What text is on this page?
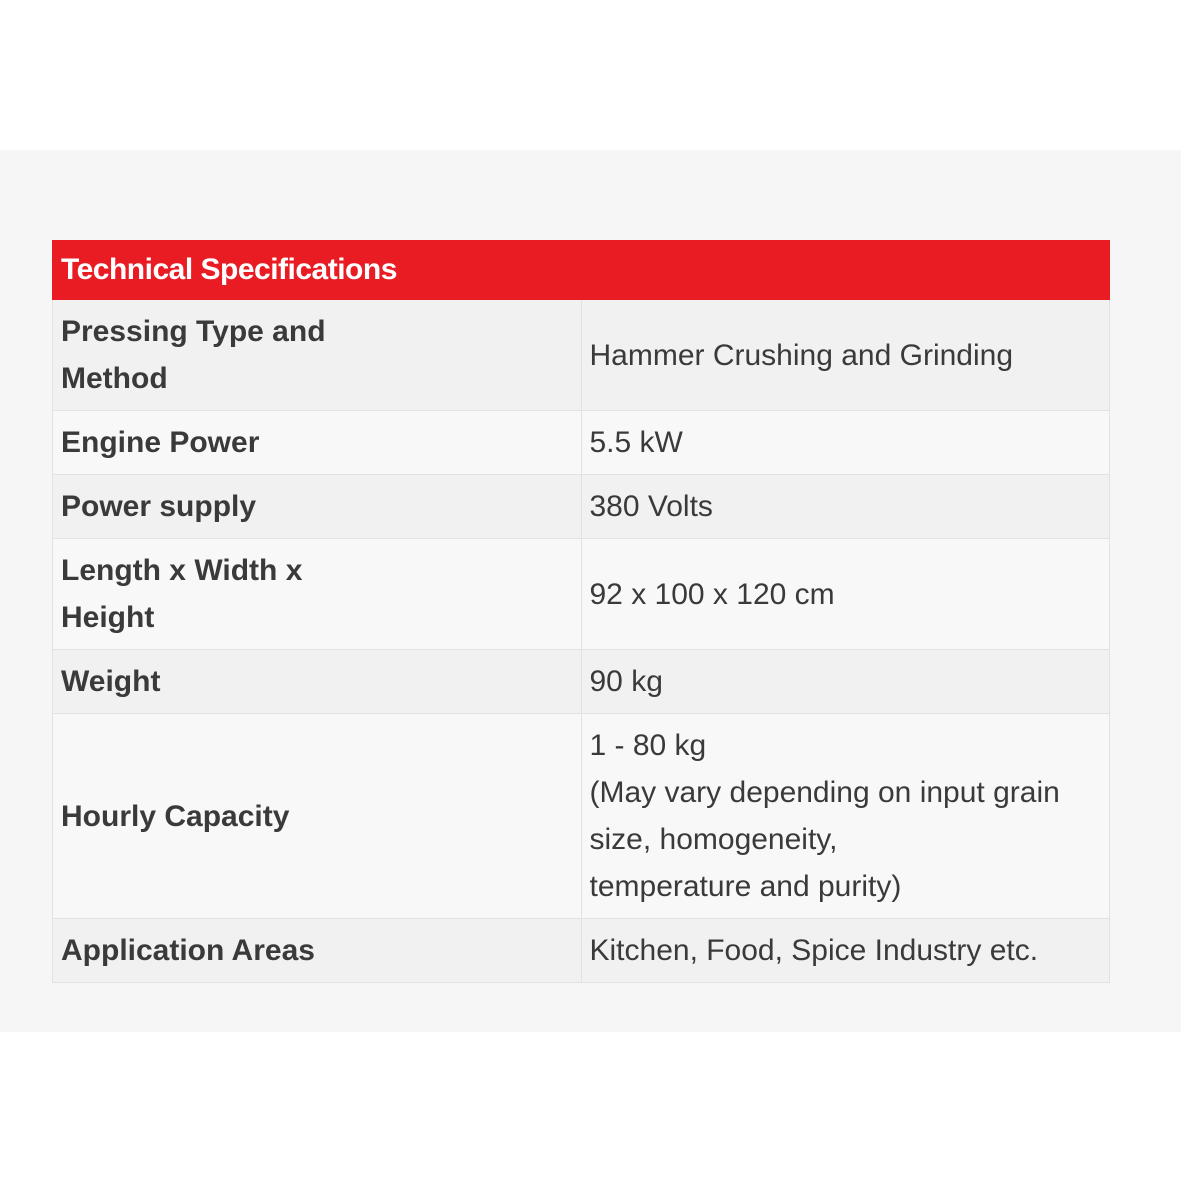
Technical Specifications	

Pressing Type and
Method	Hammer Crushing and Grinding

Engine Power	5.5 kW

Power supply	380 Volts

Length x Width x
Height	92 x 100 x 120 cm

Weight	90 kg

Hourly Capacity	1 - 80 kg
(May vary depending on input grain size, homogeneity,
temperature and purity)

Application Areas	Kitchen, Food, Spice Industry etc.
